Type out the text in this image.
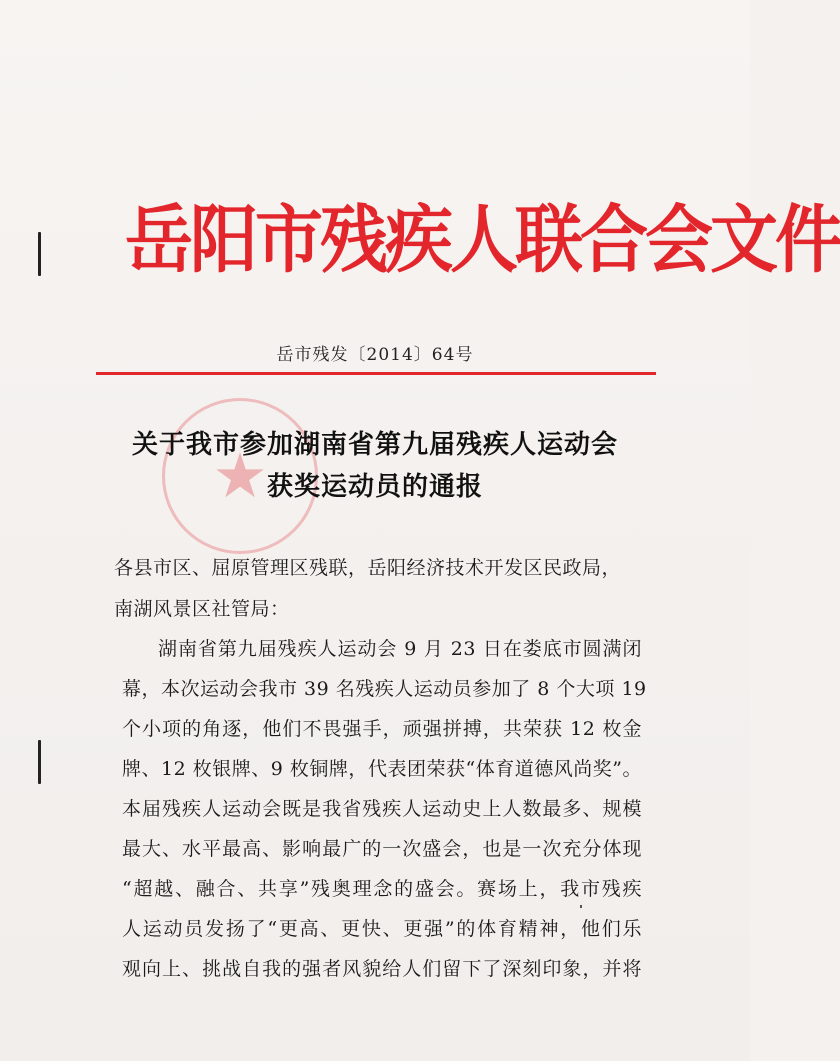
岳阳市残疾人联合会文件
岳市残发〔2014〕64号
★
关于我市参加湖南省第九届残疾人运动会
获奖运动员的通报
各县市区、屈原管理区残联，岳阳经济技术开发区民政局，
南湖风景区社管局：
湖南省第九届残疾人运动会 9 月 23 日在娄底市圆满闭
幕，本次运动会我市 39 名残疾人运动员参加了 8 个大项 19
个小项的角逐，他们不畏强手，顽强拼搏，共荣获 12 枚金
牌、12 枚银牌、9 枚铜牌，代表团荣获“体育道德风尚奖”。
本届残疾人运动会既是我省残疾人运动史上人数最多、规模
最大、水平最高、影响最广的一次盛会，也是一次充分体现
“超越、融合、共享”残奥理念的盛会。赛场上，我市残疾
人运动员发扬了“更高、更快、更强”的体育精神，他们乐
观向上、挑战自我的强者风貌给人们留下了深刻印象，并将
